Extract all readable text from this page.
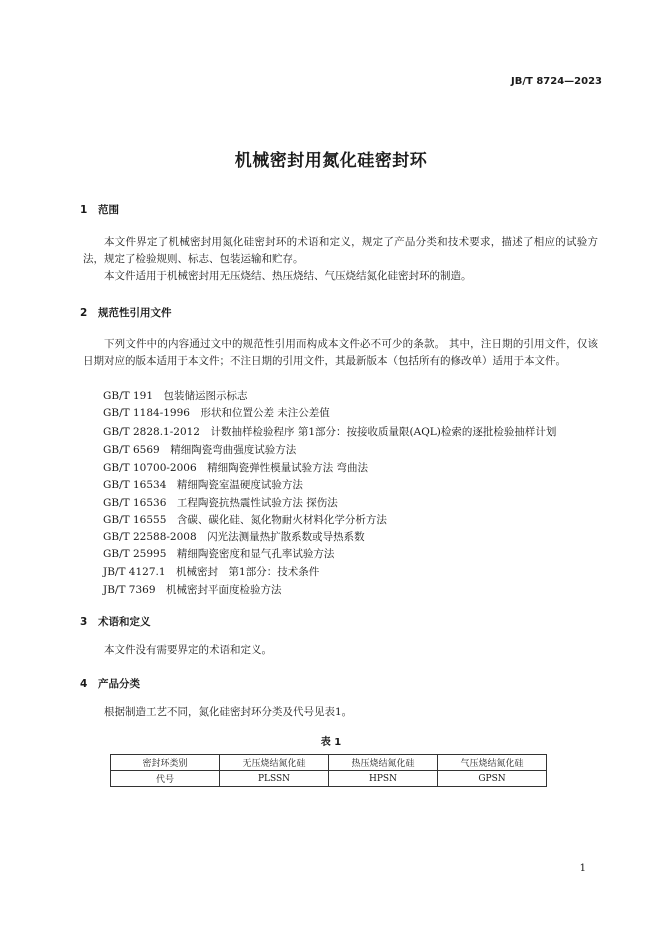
JB/T 8724—2023
机械密封用氮化硅密封环
1 范围

本文件界定了机械密封用氮化硅密封环的术语和定义，规定了产品分类和技术要求，描述了相应的试验方法，规定了检验规则、标志、包装运输和贮存。

本文件适用于机械密封用无压烧结、热压烧结、气压烧结氮化硅密封环的制造。

2 规范性引用文件

下列文件中的内容通过文中的规范性引用而构成本文件必不可少的条款。 其中，注日期的引用文件，仅该日期对应的版本适用于本文件；不注日期的引用文件，其最新版本（包括所有的修改单）适用于本文件。

GB/T 191　包装储运图示标志
GB/T 1184-1996　形状和位置公差 未注公差值
GB/T 2828.1-2012　计数抽样检验程序 第1部分：按接收质量限(AQL)检索的逐批检验抽样计划
GB/T 6569　精细陶瓷弯曲强度试验方法
GB/T 10700-2006　精细陶瓷弹性模量试验方法 弯曲法
GB/T 16534　精细陶瓷室温硬度试验方法
GB/T 16536　工程陶瓷抗热震性试验方法 探伤法
GB/T 16555　含碳、碳化硅、氮化物耐火材料化学分析方法
GB/T 22588-2008　闪光法测量热扩散系数或导热系数
GB/T 25995　精细陶瓷密度和显气孔率试验方法
JB/T 4127.1　机械密封　第1部分：技术条件
JB/T 7369　机械密封平面度检验方法
3 术语和定义

本文件没有需要界定的术语和定义。

4 产品分类

根据制造工艺不同，氮化硅密封环分类及代号见表1。

表 1
密封环类别	无压烧结氮化硅	热压烧结氮化硅	气压烧结氮化硅
代号	PLSSN	HPSN	GPSN
1
